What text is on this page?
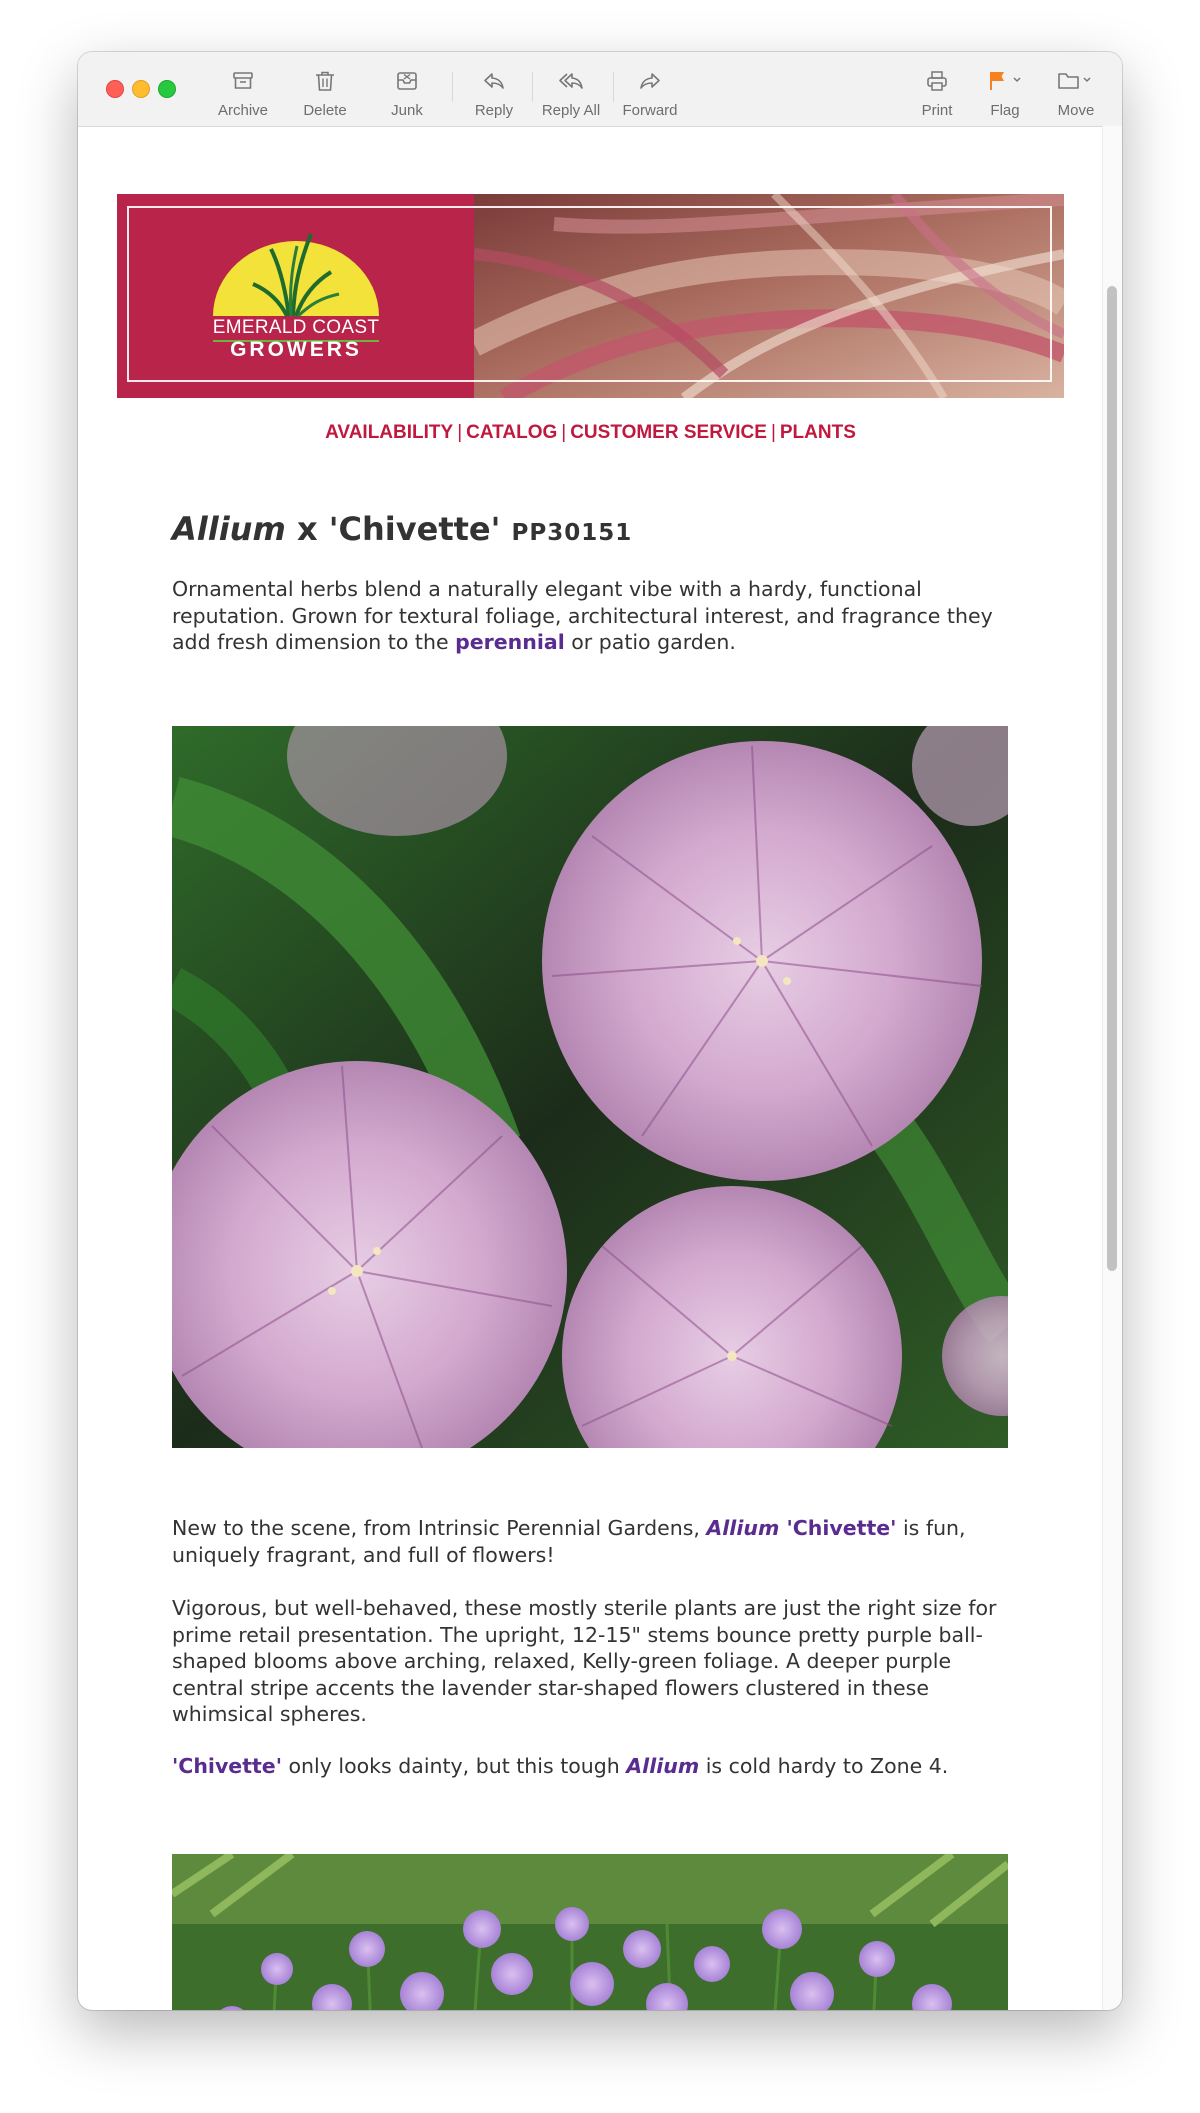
Archive Delete	Junk	Reply Reply All Forward	Print	Flag	Move
EMERALD COAST
GROWERS
AVAILABILITY | CATALOG | CUSTOMER SERVICE | PLANTS
Allium x 'Chivette' PP30151
Ornamental herbs blend a naturally elegant vibe with a hardy, functional reputation. Grown for textural foliage, architectural interest, and fragrance they add fresh dimension to the perennial or patio garden.
New to the scene, from Intrinsic Perennial Gardens, Allium 'Chivette' is fun, uniquely fragrant, and full of flowers!
Vigorous, but well-behaved, these mostly sterile plants are just the right size for prime retail presentation. The upright, 12-15" stems bounce pretty purple ball-shaped blooms above arching, relaxed, Kelly-green foliage. A deeper purple central stripe accents the lavender star-shaped flowers clustered in these whimsical spheres.
'Chivette' only looks dainty, but this tough Allium is cold hardy to Zone 4.
